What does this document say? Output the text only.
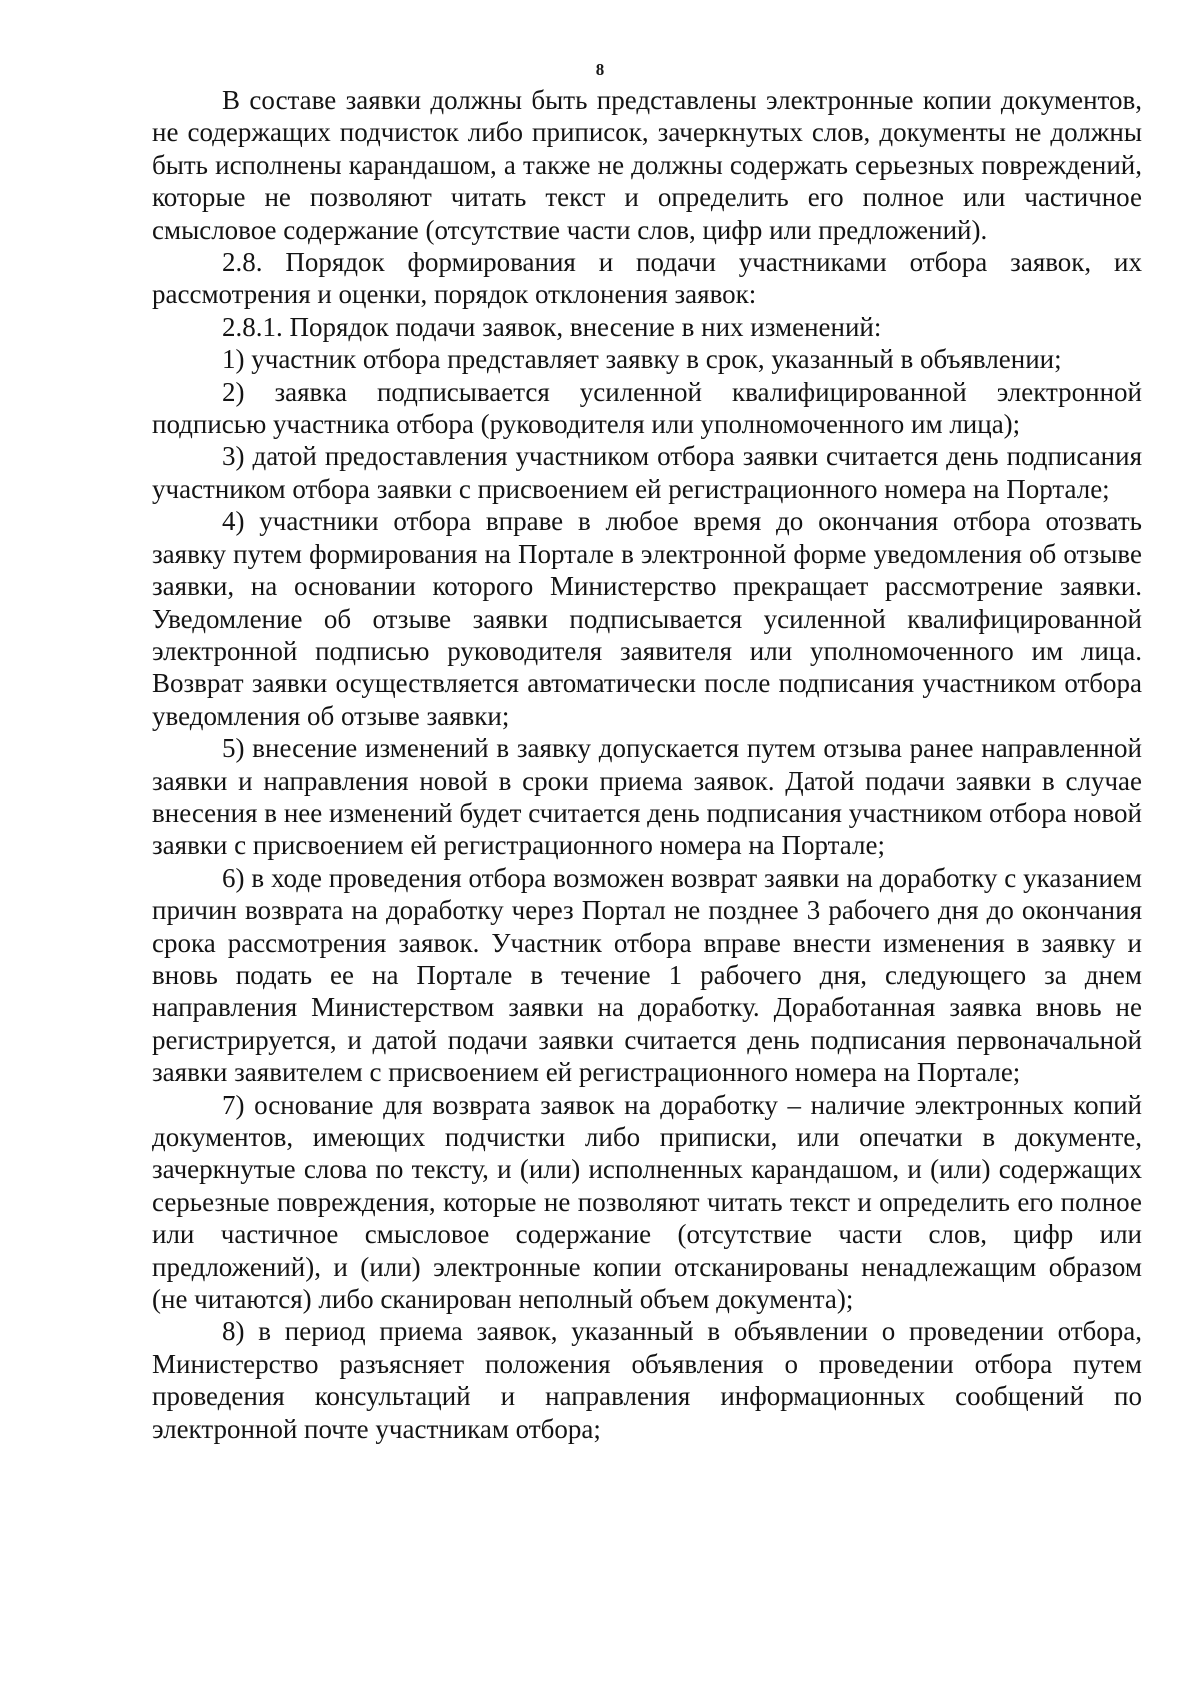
8

В составе заявки должны быть представлены электронные копии документов, не содержащих подчисток либо приписок, зачеркнутых слов, документы не должны быть исполнены карандашом, а также не должны содержать серьезных повреждений, которые не позволяют читать текст и определить его полное или частичное смысловое содержание (отсутствие части слов, цифр или предложений).

2.8. Порядок формирования и подачи участниками отбора заявок, их рассмотрения и оценки, порядок отклонения заявок:

2.8.1. Порядок подачи заявок, внесение в них изменений:

1) участник отбора представляет заявку в срок, указанный в объявлении;

2) заявка подписывается усиленной квалифицированной электронной подписью участника отбора (руководителя или уполномоченного им лица);

3) датой предоставления участником отбора заявки считается день подписания участником отбора заявки с присвоением ей регистрационного номера на Портале;

4) участники отбора вправе в любое время до окончания отбора отозвать заявку путем формирования на Портале в электронной форме уведомления об отзыве заявки, на основании которого Министерство прекращает рассмотрение заявки. Уведомление об отзыве заявки подписывается усиленной квалифицированной электронной подписью руководителя заявителя или уполномоченного им лица. Возврат заявки осуществляется автоматически после подписания участником отбора уведомления об отзыве заявки;

5) внесение изменений в заявку допускается путем отзыва ранее направленной заявки и направления новой в сроки приема заявок. Датой подачи заявки в случае внесения в нее изменений будет считается день подписания участником отбора новой заявки с присвоением ей регистрационного номера на Портале;

6) в ходе проведения отбора возможен возврат заявки на доработку с указанием причин возврата на доработку через Портал не позднее 3 рабочего дня до окончания срока рассмотрения заявок. Участник отбора вправе внести изменения в заявку и вновь подать ее на Портале в течение 1 рабочего дня, следующего за днем направления Министерством заявки на доработку. Доработанная заявка вновь не регистрируется, и датой подачи заявки считается день подписания первоначальной заявки заявителем с присвоением ей регистрационного номера на Портале;

7) основание для возврата заявок на доработку – наличие электронных копий документов, имеющих подчистки либо приписки, или опечатки в документе, зачеркнутые слова по тексту, и (или) исполненных карандашом, и (или) содержащих серьезные повреждения, которые не позволяют читать текст и определить его полное или частичное смысловое содержание (отсутствие части слов, цифр или предложений), и (или) электронные копии отсканированы ненадлежащим образом (не читаются) либо сканирован неполный объем документа);

8) в период приема заявок, указанный в объявлении о проведении отбора, Министерство разъясняет положения объявления о проведении отбора путем проведения консультаций и направления информационных сообщений по электронной почте участникам отбора;
